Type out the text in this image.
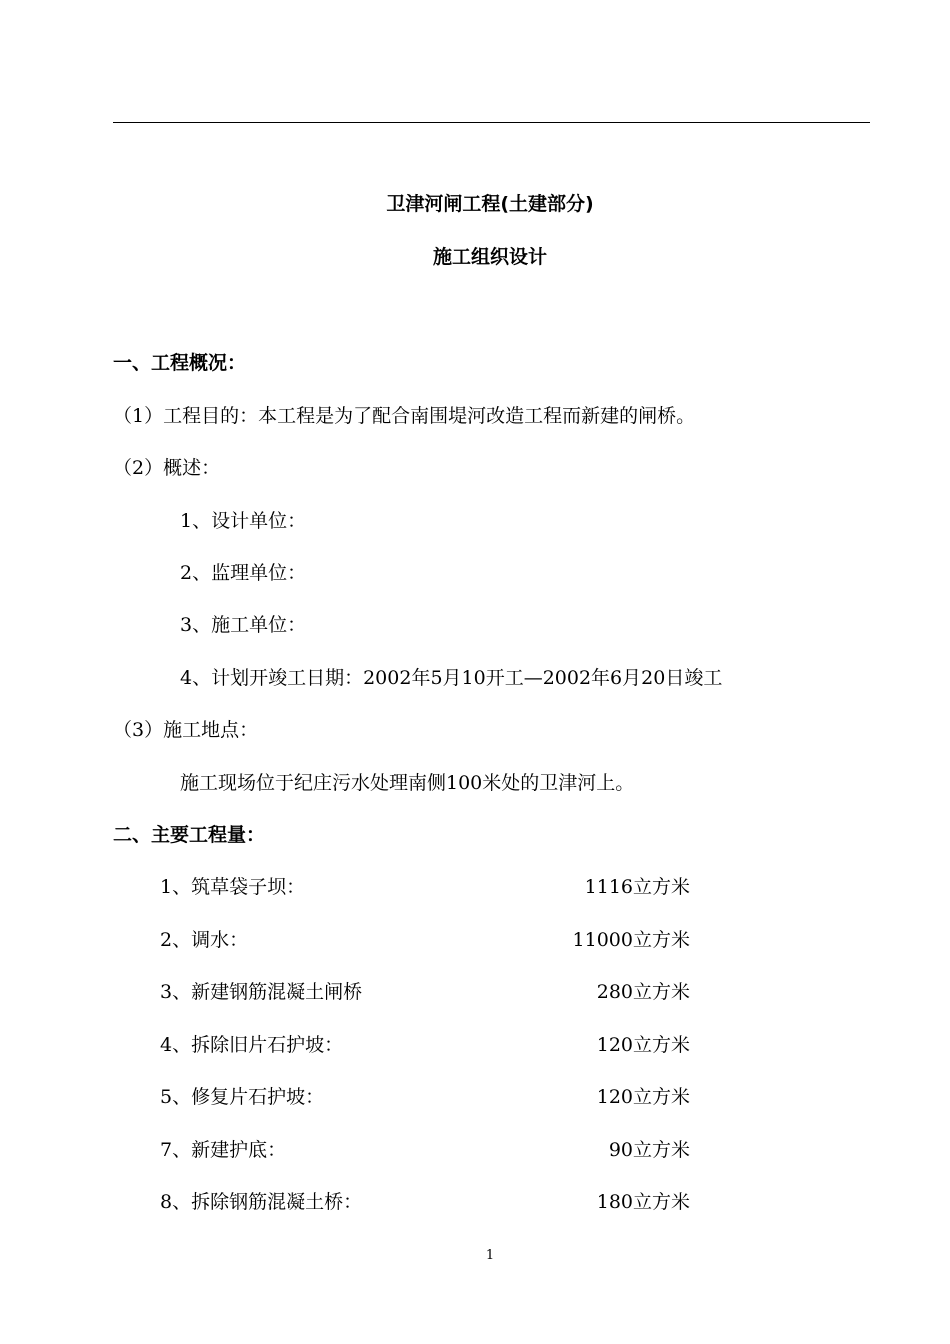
卫津河闸工程(土建部分)
施工组织设计
一、工程概况：
（1）工程目的：本工程是为了配合南围堤河改造工程而新建的闸桥。
（2）概述：
1、设计单位：
2、监理单位：
3、施工单位：
4、计划开竣工日期：2002年5月10开工—2002年6月20日竣工
（3）施工地点：
施工现场位于纪庄污水处理南侧100米处的卫津河上。
二、主要工程量：
1、筑草袋子坝：	1116立方米
2、调水：	11000立方米
3、新建钢筋混凝土闸桥	280立方米
4、拆除旧片石护坡：	120立方米
5、修复片石护坡：	120立方米
7、新建护底：	90立方米
8、拆除钢筋混凝土桥：	180立方米
1
